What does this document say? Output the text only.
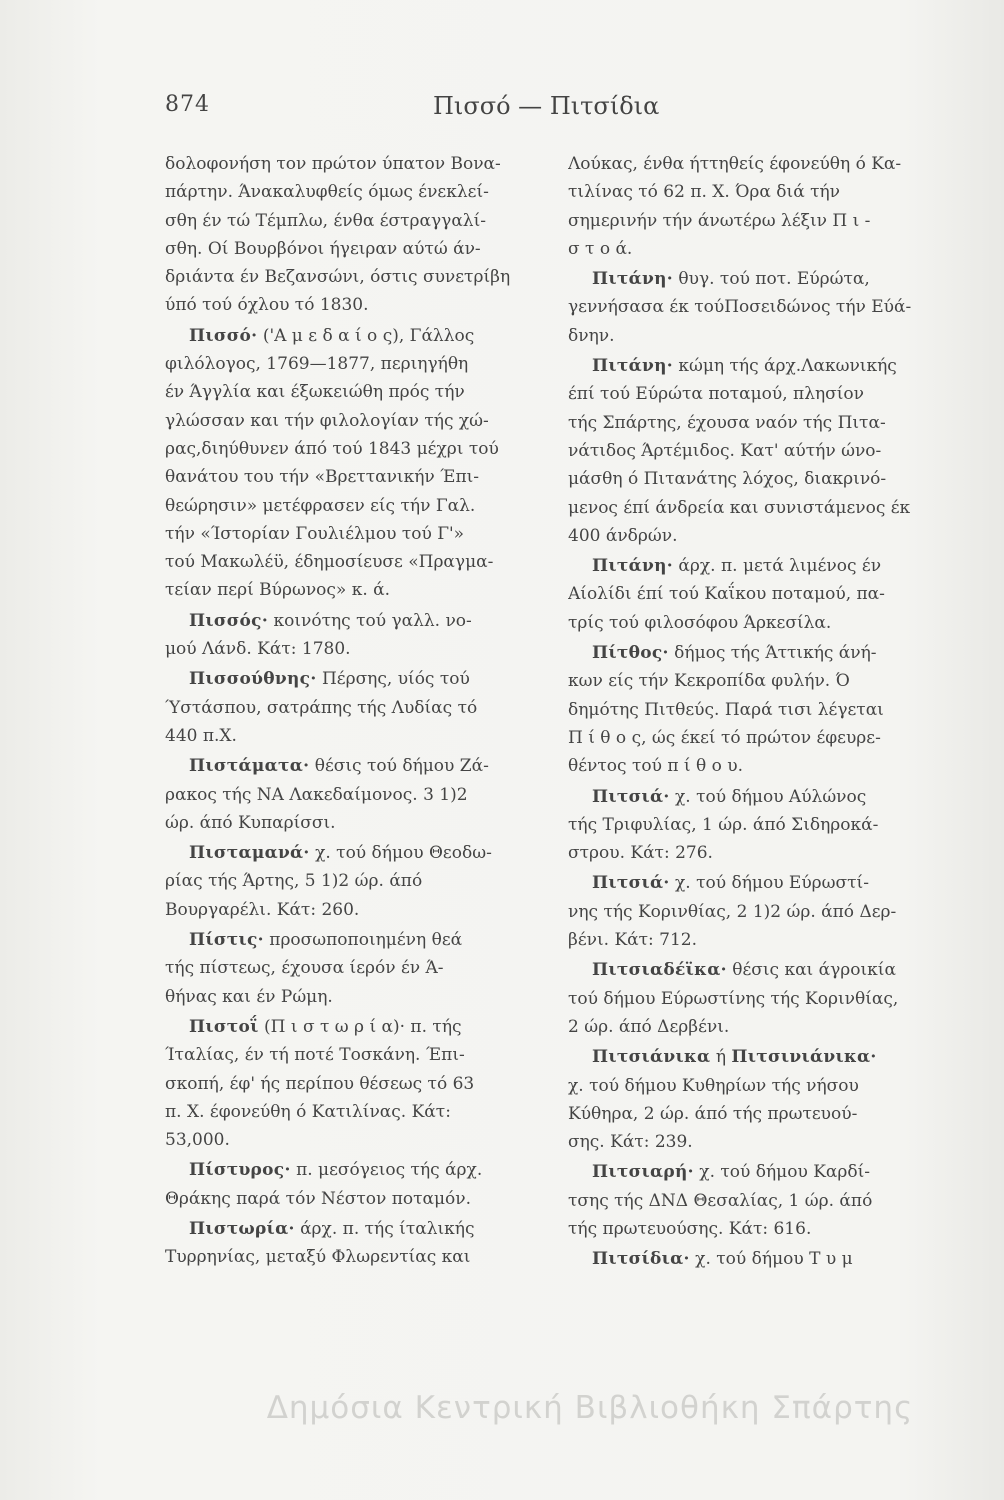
874	Πισσό — Πιτσίδια
δολοφονήση τον πρώτον ύπατον Βονα-
πάρτην. Άνακαλυφθείς όμως ένεκλεί-
σθη έν τώ Τέμπλω, ένθα έστραγγαλί-
σθη. Οί Βουρβόνοι ήγειραν αύτώ άν-
δριάντα έν Βεζανσώνι, όστις συνετρίβη
ύπό τού όχλου τό 1830.
Πισσό· ('Α μ ε δ α ί ο ς), Γάλλος
φιλόλογος, 1769—1877, περιηγήθη
έν Άγγλία και έξωκειώθη πρός τήν
γλώσσαν και τήν φιλολογίαν τής χώ-
ρας,διηύθυνεν άπό τού 1843 μέχρι τού
θανάτου του τήν «Βρεττανικήν Έπι-
θεώρησιν» μετέφρασεν είς τήν Γαλ.
τήν «Ίστορίαν Γουλιέλμου τού Γ'»
τού Μακωλέϋ, έδημοσίευσε «Πραγμα-
τείαν περί Βύρωνος» κ. ά.
Πισσός· κοινότης τού γαλλ. νο-
μού Λάνδ. Κάτ: 1780.
Πισσούθνης· Πέρσης, υίός τού
Ύστάσπου, σατράπης τής Λυδίας τό
440 π.Χ.
Πιστάματα· θέσις τού δήμου Ζά-
ρακος τής ΝΑ Λακεδαίμονος. 3 1)2
ώρ. άπό Κυπαρίσσι.
Πισταμανά· χ. τού δήμου Θεοδω-
ρίας τής Άρτης, 5 1)2 ώρ. άπό
Βουργαρέλι. Κάτ: 260.
Πίστις· προσωποποιημένη θεά
τής πίστεως, έχουσα ίερόν έν Ά-
θήνας και έν Ρώμη.
Πιστοΐ (Π ι σ τ ω ρ ί α)· π. τής
Ίταλίας, έν τή ποτέ Τοσκάνη. Έπι-
σκοπή, έφ' ής περίπου θέσεως τό 63
π. Χ. έφονεύθη ό Κατιλίνας. Κάτ:
53,000.
Πίστυρος· π. μεσόγειος τής άρχ.
Θράκης παρά τόν Νέστον ποταμόν.
Πιστωρία· άρχ. π. τής ίταλικής
Τυρρηνίας, μεταξύ Φλωρεντίας και
Λούκας, ένθα ήττηθείς έφονεύθη ό Κα-
τιλίνας τό 62 π. Χ. Όρα διά τήν
σημερινήν τήν άνωτέρω λέξιν Π ι -
σ τ ο ά.
Πιτάνη· θυγ. τού ποτ. Εύρώτα,
γεννήσασα έκ τούΠοσειδώνος τήν Εύά-
δνην.
Πιτάνη· κώμη τής άρχ.Λακωνικής
έπί τού Εύρώτα ποταμού, πλησίον
τής Σπάρτης, έχουσα ναόν τής Πιτα-
νάτιδος Άρτέμιδος. Κατ' αύτήν ώνο-
μάσθη ό Πιτανάτης λόχος, διακρινό-
μενος έπί άνδρεία και συνιστάμενος έκ
400 άνδρών.
Πιτάνη· άρχ. π. μετά λιμένος έν
Αίολίδι έπί τού Καΐκου ποταμού, πα-
τρίς τού φιλοσόφου Άρκεσίλα.
Πίτθος· δήμος τής Άττικής άνή-
κων είς τήν Κεκροπίδα φυλήν. Ό
δημότης Πιτθεύς. Παρά τισι λέγεται
Π ί θ ο ς, ώς έκεί τό πρώτον έφευρε-
θέντος τού π ί θ ο υ.
Πιτσιά· χ. τού δήμου Αύλώνος
τής Τριφυλίας, 1 ώρ. άπό Σιδηροκά-
στρου. Κάτ: 276.
Πιτσιά· χ. τού δήμου Εύρωστί-
νης τής Κορινθίας, 2 1)2 ώρ. άπό Δερ-
βένι. Κάτ: 712.
Πιτσιαδέϊκα· θέσις και άγροικία
τού δήμου Εύρωστίνης τής Κορινθίας,
2 ώρ. άπό Δερβένι.
Πιτσιάνικα ή Πιτσινιάνικα·
χ. τού δήμου Κυθηρίων τής νήσου
Κύθηρα, 2 ώρ. άπό τής πρωτευού-
σης. Κάτ: 239.
Πιτσιαρή· χ. τού δήμου Καρδί-
τσης τής ΔΝΔ Θεσαλίας, 1 ώρ. άπό
τής πρωτευούσης. Κάτ: 616.
Πιτσίδια· χ. τού δήμου Τ υ μ
Δημόσια Κεντρική Βιβλιοθήκη Σπάρτης
